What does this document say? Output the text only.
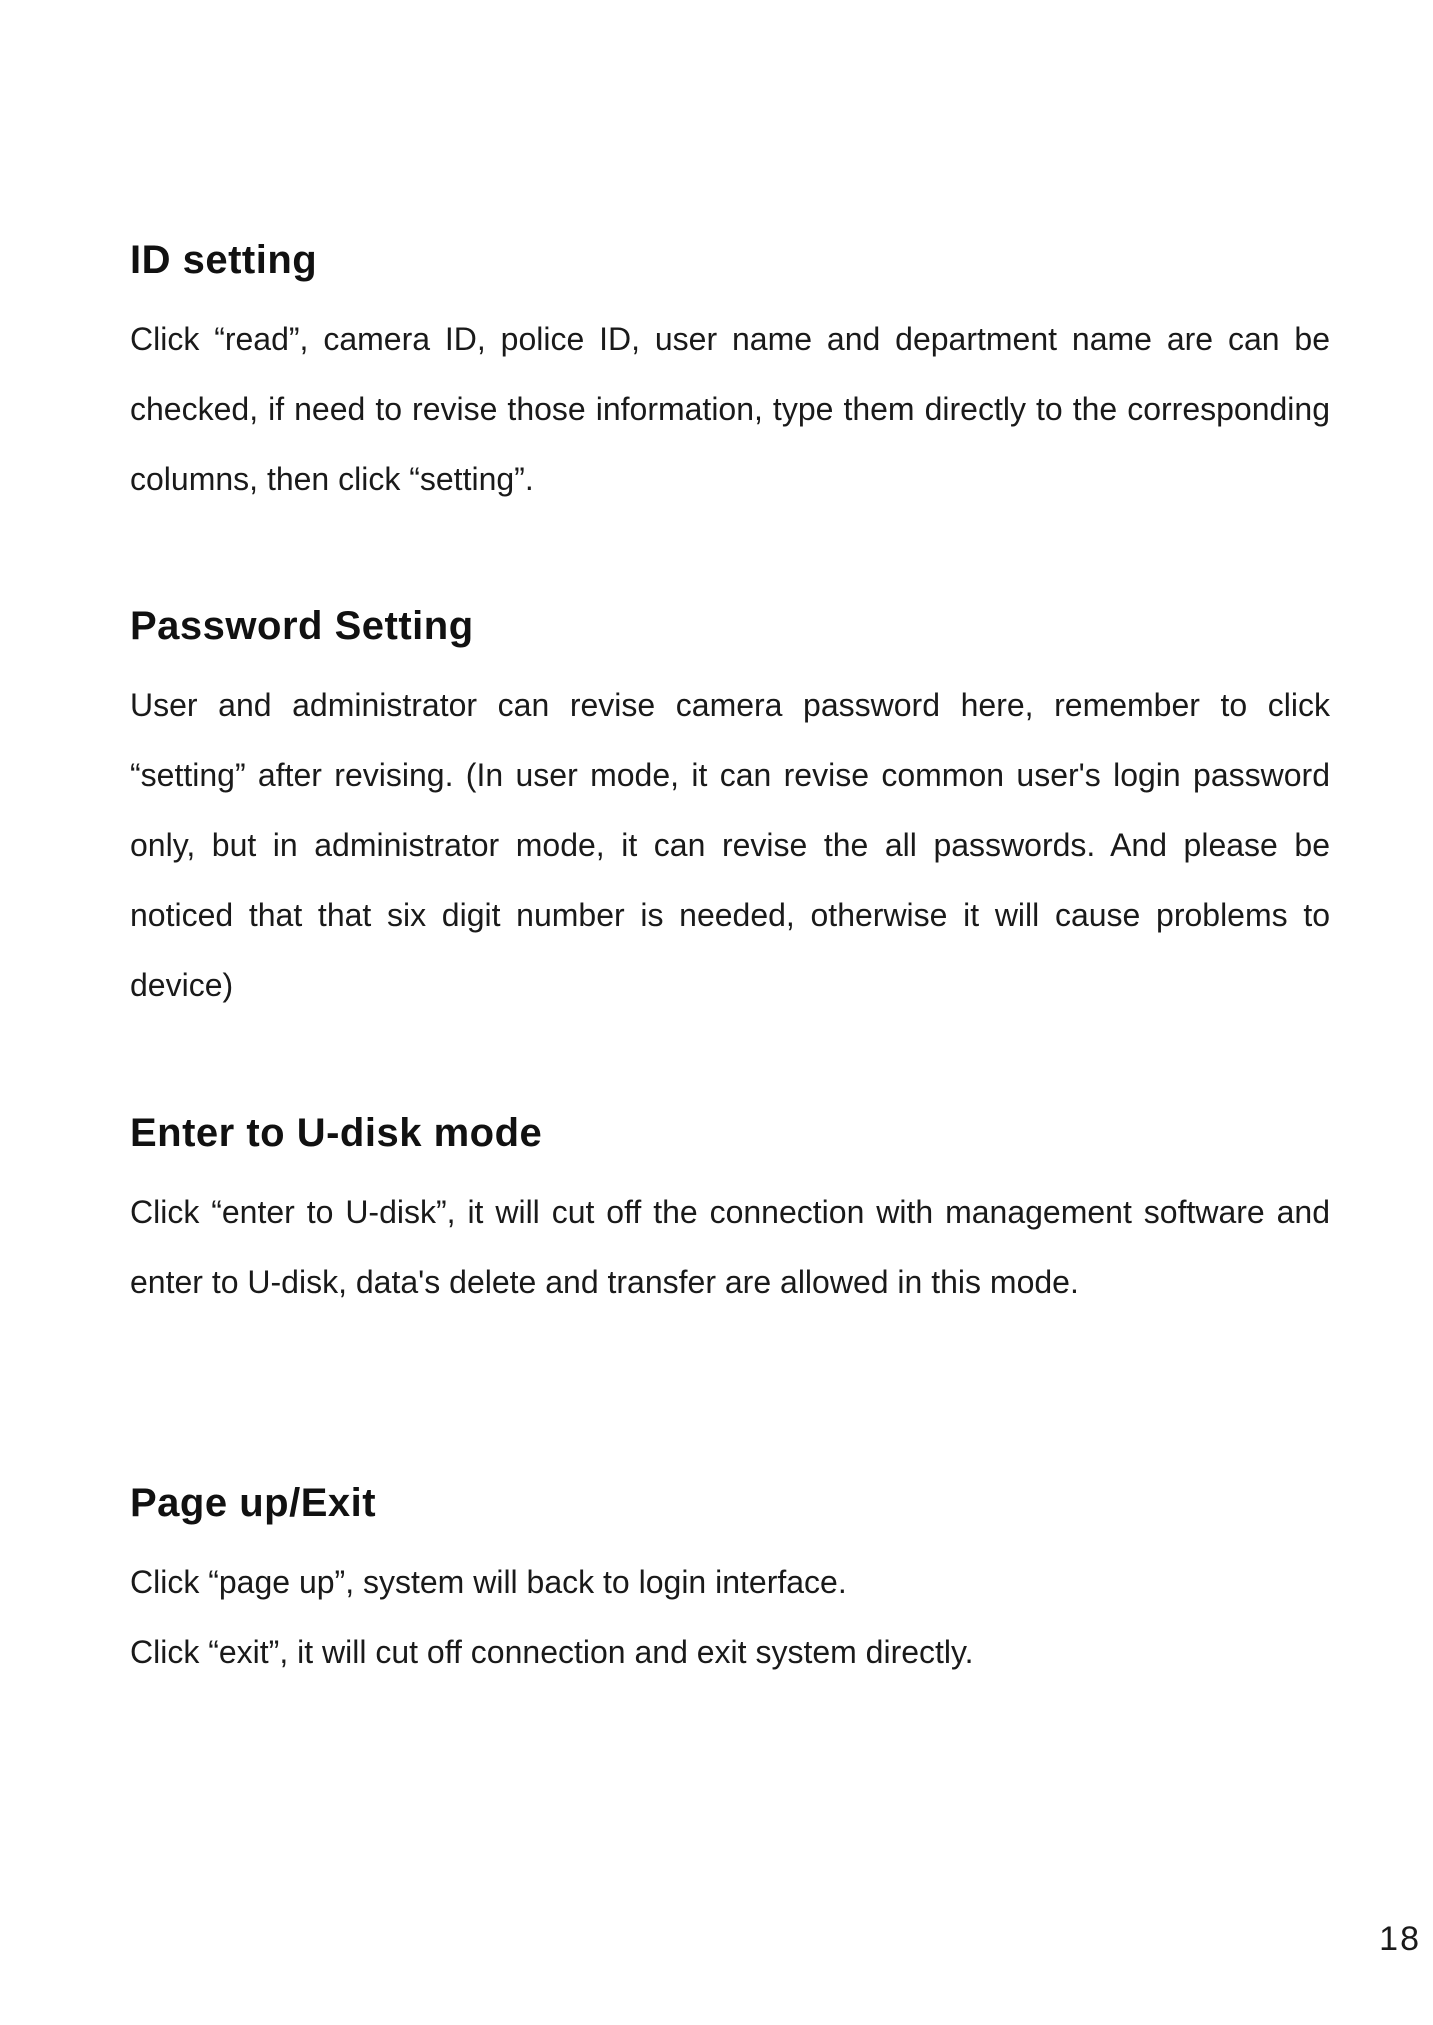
ID setting

Click “read”, camera ID, police ID, user name and department name are can be checked, if need to revise those information, type them directly to the corresponding columns, then click “setting”.

Password Setting

User and administrator can revise camera password here, remember to click “setting” after revising. (In user mode, it can revise common user's login password only, but in administrator mode, it can revise the all passwords. And please be noticed that that six digit number is needed, otherwise it will cause problems to device)

Enter to U-disk mode

Click “enter to U-disk”, it will cut off the connection with management software and enter to U-disk, data's delete and transfer are allowed in this mode.

Page up/Exit

Click “page up”, system will back to login interface.

Click “exit”, it will cut off connection and exit system directly.

18
